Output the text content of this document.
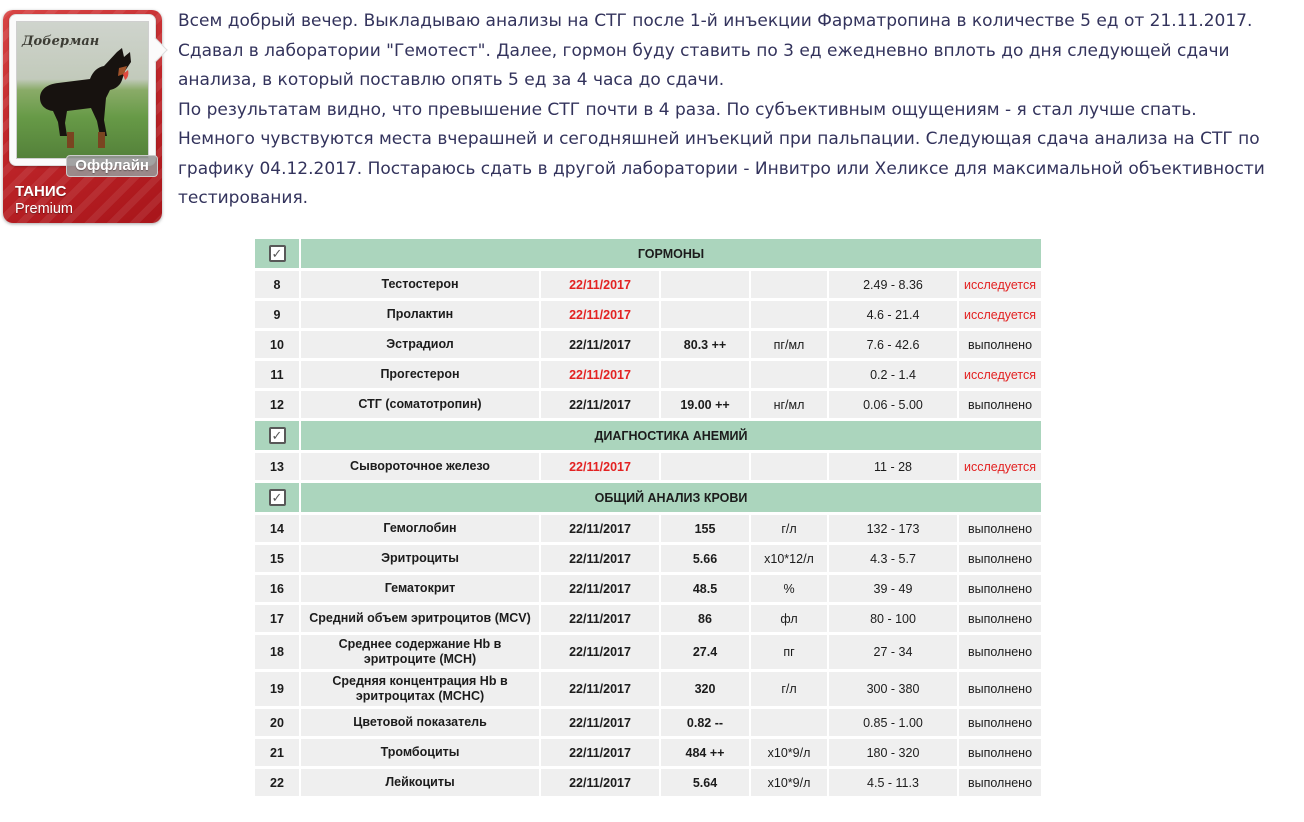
Доберман
Оффлайн
ТАНИС
Premium
Всем добрый вечер. Выкладываю анализы на СТГ после 1-й инъекции Фарматропина в количестве 5 ед от 21.11.2017.
Сдавал в лаборатории "Гемотест". Далее, гормон буду ставить по 3 ед ежедневно вплоть до дня следующей сдачи
анализа, в который поставлю опять 5 ед за 4 часа до сдачи.
По результатам видно, что превышение СТГ почти в 4 раза. По субъективным ощущениям - я стал лучше спать.
Немного чувствуются места вчерашней и сегодняшней инъекций при пальпации. Следующая сдача анализа на СТГ по
графику 04.12.2017. Постараюсь сдать в другой лаборатории - Инвитро или Хеликсе для максимальной объективности
тестирования.
✓	ГОРМОНЫ					
8	Тестостерон	22/11/2017			2.49 - 8.36	исследуется
9	Пролактин	22/11/2017			4.6 - 21.4	исследуется
10	Эстрадиол	22/11/2017	80.3 ++	пг/мл	7.6 - 42.6	выполнено
11	Прогестерон	22/11/2017			0.2 - 1.4	исследуется
12	СТГ (соматотропин)	22/11/2017	19.00 ++	нг/мл	0.06 - 5.00	выполнено

✓	ДИАГНОСТИКА АНЕМИЙ					
13	Сывороточное железо	22/11/2017			11 - 28	исследуется

✓	ОБЩИЙ АНАЛИЗ КРОВИ					
14	Гемоглобин	22/11/2017	155	г/л	132 - 173	выполнено
15	Эритроциты	22/11/2017	5.66	х10*12/л	4.3 - 5.7	выполнено
16	Гематокрит	22/11/2017	48.5	%	39 - 49	выполнено
17	Средний объем эритроцитов (MCV)	22/11/2017	86	фл	80 - 100	выполнено
18	Среднее содержание Hb в эритроците (MCH)	22/11/2017	27.4	пг	27 - 34	выполнено
19	Средняя концентрация Hb в эритроцитах (MCHC)	22/11/2017	320	г/л	300 - 380	выполнено
20	Цветовой показатель	22/11/2017	0.82 --		0.85 - 1.00	выполнено
21	Тромбоциты	22/11/2017	484 ++	х10*9/л	180 - 320	выполнено
22	Лейкоциты	22/11/2017	5.64	х10*9/л	4.5 - 11.3	выполнено
